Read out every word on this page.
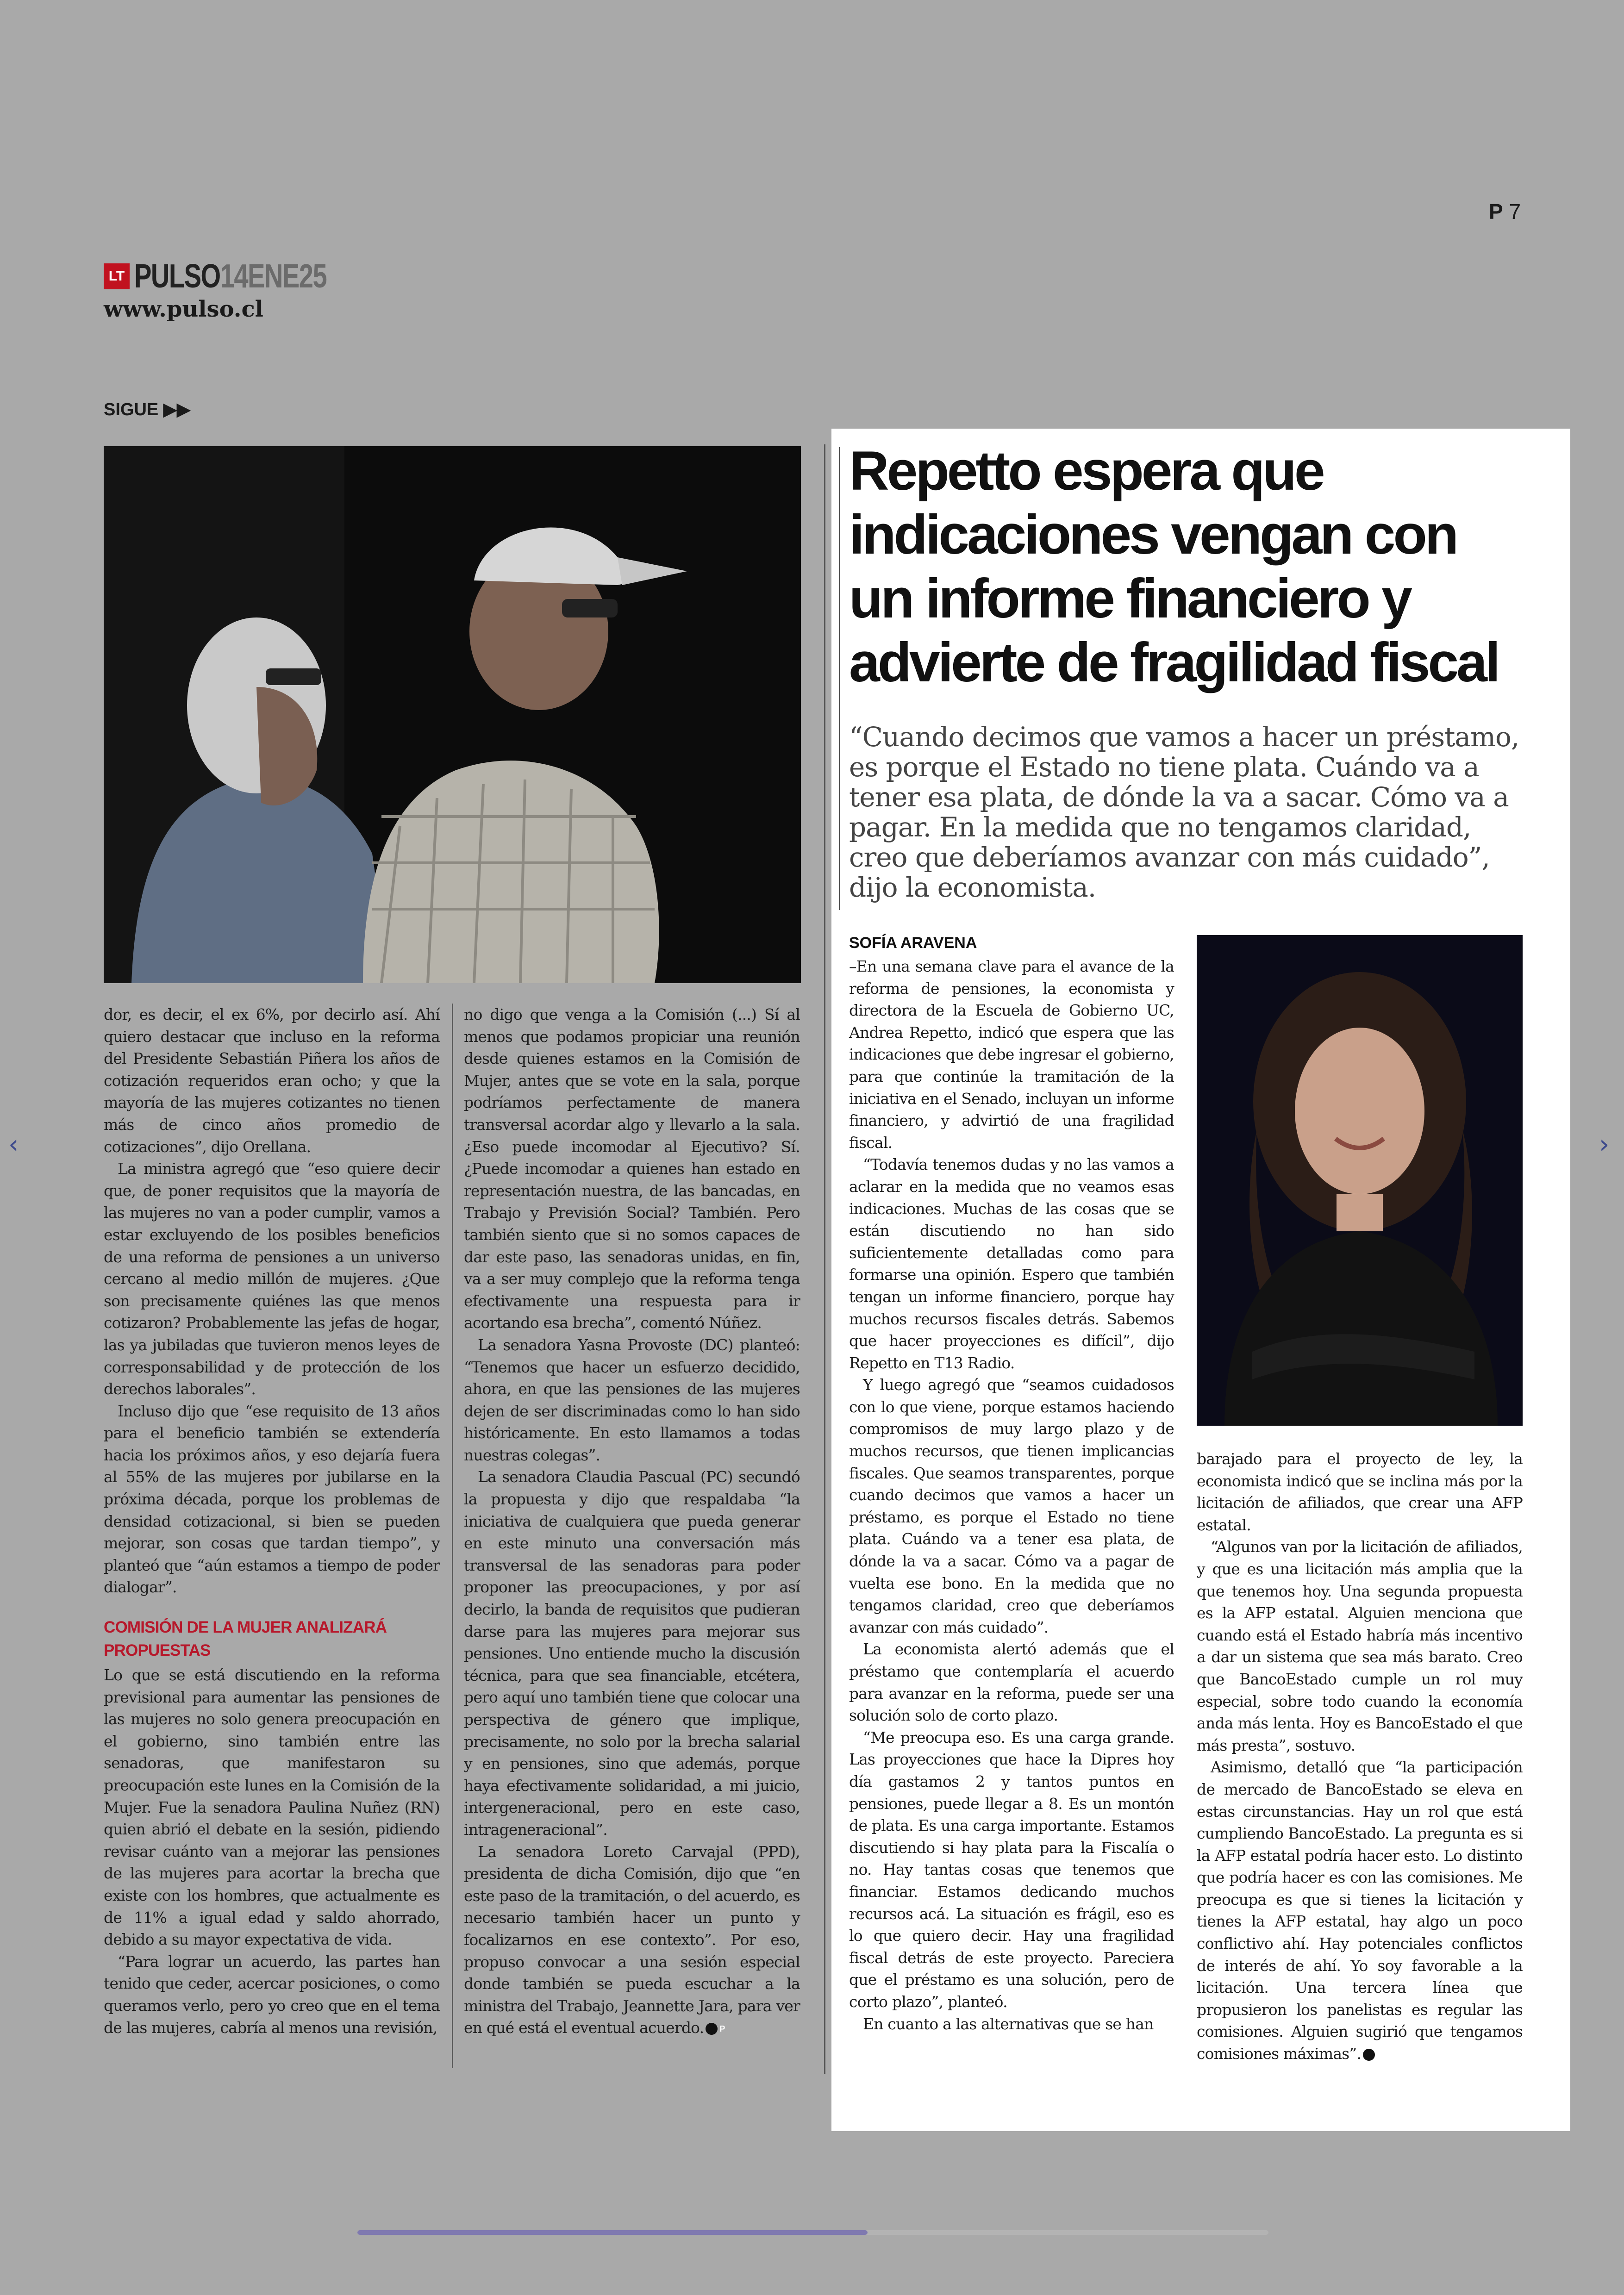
P 7
LT PULSO14ENE25
www.pulso.cl
SIGUE ▶▶

dor, es decir, el ex 6%, por decirlo así. Ahí quiero destacar que incluso en la reforma del Presidente Sebastián Piñera los años de cotización requeridos eran ocho; y que la mayoría de las mujeres cotizantes no tienen más de cinco años promedio de cotizaciones”, dijo Orellana.

La ministra agregó que “eso quiere decir que, de poner requisitos que la mayoría de las mujeres no van a poder cumplir, vamos a estar excluyendo de los posibles beneficios de una reforma de pensiones a un universo cercano al medio millón de mujeres. ¿Que son precisamente quiénes las que menos cotizaron? Probablemente las jefas de hogar, las ya jubiladas que tuvieron menos leyes de corresponsabilidad y de protección de los derechos laborales”.

Incluso dijo que “ese requisito de 13 años para el beneficio también se extendería hacia los próximos años, y eso dejaría fuera al 55% de las mujeres por jubilarse en la próxima década, porque los problemas de densidad cotizacional, si bien se pueden mejorar, son cosas que tardan tiempo”, y planteó que “aún estamos a tiempo de poder dialogar”.

COMISIÓN DE LA MUJER ANALIZARÁ PROPUESTAS

Lo que se está discutiendo en la reforma previsional para aumentar las pensiones de las mujeres no solo genera preocupación en el gobierno, sino también entre las senadoras, que manifestaron su preocupación este lunes en la Comisión de la Mujer. Fue la senadora Paulina Nuñez (RN) quien abrió el debate en la sesión, pidiendo revisar cuánto van a mejorar las pensiones de las mujeres para acortar la brecha que existe con los hombres, que actualmente es de 11% a igual edad y saldo ahorrado, debido a su mayor expectativa de vida.

“Para lograr un acuerdo, las partes han tenido que ceder, acercar posiciones, o como queramos verlo, pero yo creo que en el tema de las mujeres, cabría al menos una revisión,

no digo que venga a la Comisión (...) Sí al menos que podamos propiciar una reunión desde quienes estamos en la Comisión de Mujer, antes que se vote en la sala, porque podríamos perfectamente de manera transversal acordar algo y llevarlo a la sala. ¿Eso puede incomodar al Ejecutivo? Sí. ¿Puede incomodar a quienes han estado en representación nuestra, de las bancadas, en Trabajo y Previsión Social? También. Pero también siento que si no somos capaces de dar este paso, las senadoras unidas, en fin, va a ser muy complejo que la reforma tenga efectivamente una respuesta para ir acortando esa brecha”, comentó Núñez.

La senadora Yasna Provoste (DC) planteó: “Tenemos que hacer un esfuerzo decidido, ahora, en que las pensiones de las mujeres dejen de ser discriminadas como lo han sido históricamente. En esto llamamos a todas nuestras colegas”.

La senadora Claudia Pascual (PC) secundó la propuesta y dijo que respaldaba “la iniciativa de cualquiera que pueda generar en este minuto una conversación más transversal de las senadoras para poder proponer las preocupaciones, y por así decirlo, la banda de requisitos que pudieran darse para las mujeres para mejorar sus pensiones. Uno entiende mucho la discusión técnica, para que sea financiable, etcétera, pero aquí uno también tiene que colocar una perspectiva de género que implique, precisamente, no solo por la brecha salarial y en pensiones, sino que además, porque haya efectivamente solidaridad, a mi juicio, intergeneracional, pero en este caso, intrageneracional”.

La senadora Loreto Carvajal (PPD), presidenta de dicha Comisión, dijo que “en este paso de la tramitación, o del acuerdo, es necesario también hacer un punto y focalizarnos en ese contexto”. Por eso, propuso convocar a una sesión especial donde también se pueda escuchar a la ministra del Trabajo, Jeannette Jara, para ver en qué está el eventual acuerdo. P

Repetto espera que indicaciones vengan con un informe financiero y advierte de fragilidad fiscal

“Cuando decimos que vamos a hacer un préstamo, es porque el Estado no tiene plata. Cuándo va a tener esa plata, de dónde la va a sacar. Cómo va a pagar. En la medida que no tengamos claridad, creo que deberíamos avanzar con más cuidado”, dijo la economista.

SOFÍA ARAVENA

–En una semana clave para el avance de la reforma de pensiones, la economista y directora de la Escuela de Gobierno UC, Andrea Repetto, indicó que espera que las indicaciones que debe ingresar el gobierno, para que continúe la tramitación de la iniciativa en el Senado, incluyan un informe financiero, y advirtió de una fragilidad fiscal.

“Todavía tenemos dudas y no las vamos a aclarar en la medida que no veamos esas indicaciones. Muchas de las cosas que se están discutiendo no han sido suficientemente detalladas como para formarse una opinión. Espero que también tengan un informe financiero, porque hay muchos recursos fiscales detrás. Sabemos que hacer proyecciones es difícil”, dijo Repetto en T13 Radio.

Y luego agregó que “seamos cuidadosos con lo que viene, porque estamos haciendo compromisos de muy largo plazo y de muchos recursos, que tienen implicancias fiscales. Que seamos transparentes, porque cuando decimos que vamos a hacer un préstamo, es porque el Estado no tiene plata. Cuándo va a tener esa plata, de dónde la va a sacar. Cómo va a pagar de vuelta ese bono. En la medida que no tengamos claridad, creo que deberíamos avanzar con más cuidado”.

La economista alertó además que el préstamo que contemplaría el acuerdo para avanzar en la reforma, puede ser una solución solo de corto plazo.

“Me preocupa eso. Es una carga grande. Las proyecciones que hace la Dipres hoy día gastamos 2 y tantos puntos en pensiones, puede llegar a 8. Es un montón de plata. Es una carga importante. Estamos discutiendo si hay plata para la Fiscalía o no. Hay tantas cosas que tenemos que financiar. Estamos dedicando muchos recursos acá. La situación es frágil, eso es lo que quiero decir. Hay una fragilidad fiscal detrás de este proyecto. Pareciera que el préstamo es una solución, pero de corto plazo”, planteó.

En cuanto a las alternativas que se han

barajado para el proyecto de ley, la economista indicó que se inclina más por la licitación de afiliados, que crear una AFP estatal.

“Algunos van por la licitación de afiliados, y que es una licitación más amplia que la que tenemos hoy. Una segunda propuesta es la AFP estatal. Alguien menciona que cuando está el Estado habría más incentivo a dar un sistema que sea más barato. Creo que BancoEstado cumple un rol muy especial, sobre todo cuando la economía anda más lenta. Hoy es BancoEstado el que más presta”, sostuvo.

Asimismo, detalló que “la participación de mercado de BancoEstado se eleva en estas circunstancias. Hay un rol que está cumpliendo BancoEstado. La pregunta es si la AFP estatal podría hacer esto. Lo distinto que podría hacer es con las comisiones. Me preocupa es que si tienes la licitación y tienes la AFP estatal, hay algo un poco conflictivo ahí. Hay potenciales conflictos de interés de ahí. Yo soy favorable a la licitación. Una tercera línea que propusieron los panelistas es regular las comisiones. Alguien sugirió que tengamos comisiones máximas”. P

‹	›
